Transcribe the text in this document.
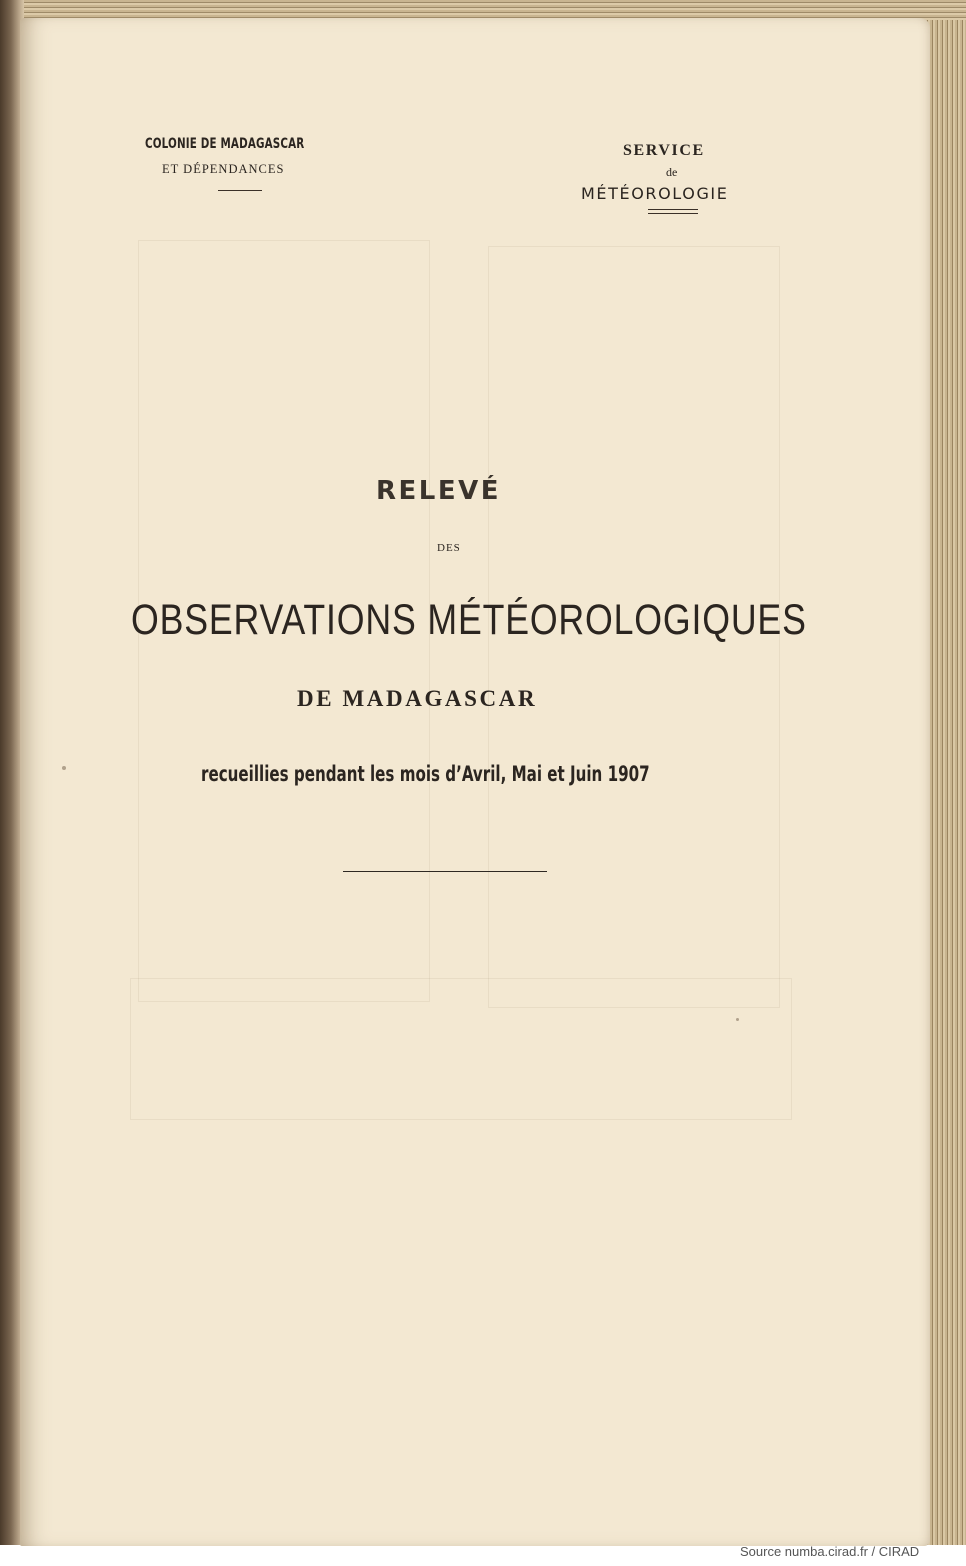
COLONIE DE MADAGASCAR
ET DÉPENDANCES
SERVICE
de
MÉTÉOROLOGIE
RELEVÉ
DES
OBSERVATIONS MÉTÉOROLOGIQUES
DE MADAGASCAR
recueillies pendant les mois d’Avril, Mai et Juin 1907
Source numba.cirad.fr / CIRAD
